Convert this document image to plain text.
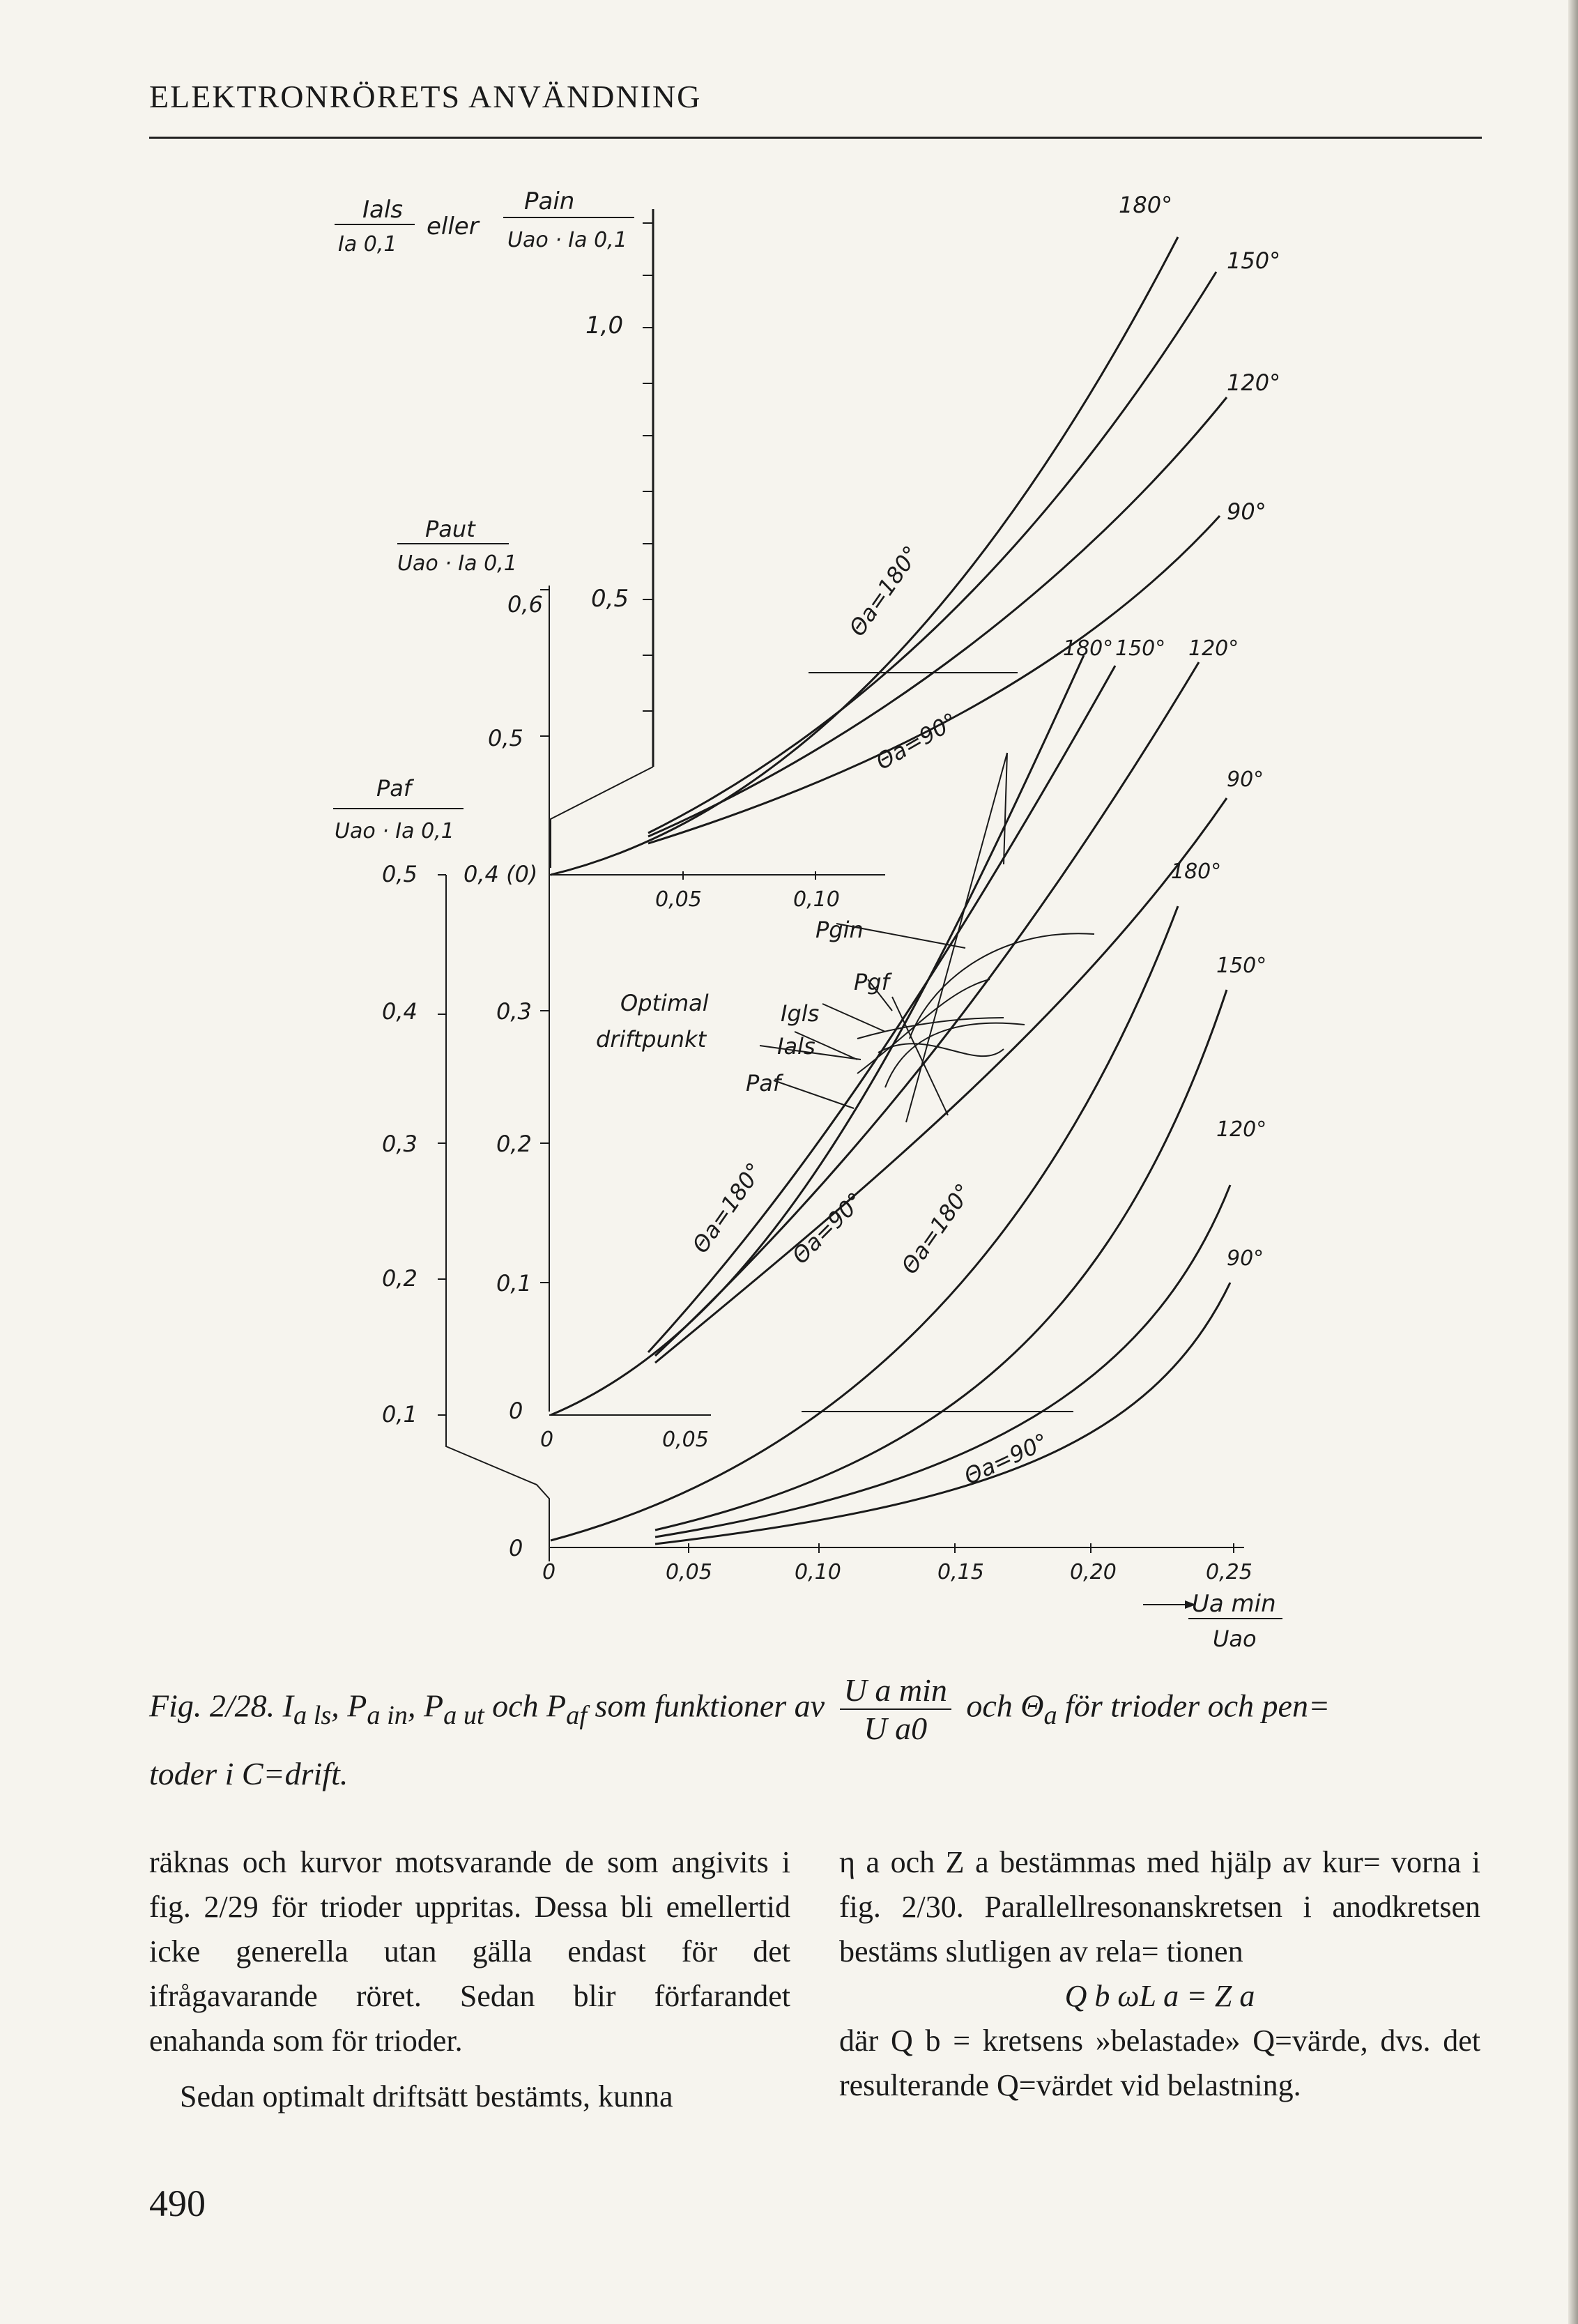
ELEKTRONRÖRETS ANVÄNDNING
Ials
Ia 0,1
eller
Pain
Uao · Ia 0,1
Paut
Uao · Ia 0,1
Paf
Uao · Ia 0,1
Ua min
Uao
1,0
0,5
0,6
0,5
0,4 (0)
0,3
0,2
0,1
0
0,5
0,4
0,3
0,2
0,1
0
0,05	0,10
0	0,05
0	0,05	0,10	0,15	0,20	0,25
180°
150°
120°
90°
180° 150° 120°
90°
180°
150°
120°
90°
Θa=180°
Θa=90°
Θa=180° Θa=90° Θa=180°
Θa=90°
Pgin
Pgf
Igls
Ials
Paf
Optimal
driftpunkt
Fig. 2/28. $I_{a ls}$, $P_{a in}$, $P_{a ut}$ och $P_{af}$ som funktioner av $\frac{\text{U a min}}{\text{U a0}}$ och $\Theta_a$ för trioder och pen=
toder i C=drift.

räknas och kurvor motsvarande de som angivits i fig. 2/29 för trioder uppritas. Dessa bli emellertid icke generella utan gälla endast för det ifrågavarande röret. Sedan blir förfarandet enahanda som för trioder.

Sedan optimalt driftsätt bestämts, kunna

η a och Z a bestämmas med hjälp av kur= vorna i fig. 2/30. Parallellresonanskretsen i anodkretsen bestäms slutligen av rela= tionen

Q b ωL a = Z a

där Q b = kretsens »belastade» Q=värde, dvs. det resulterande Q=värdet vid belastning.

490
